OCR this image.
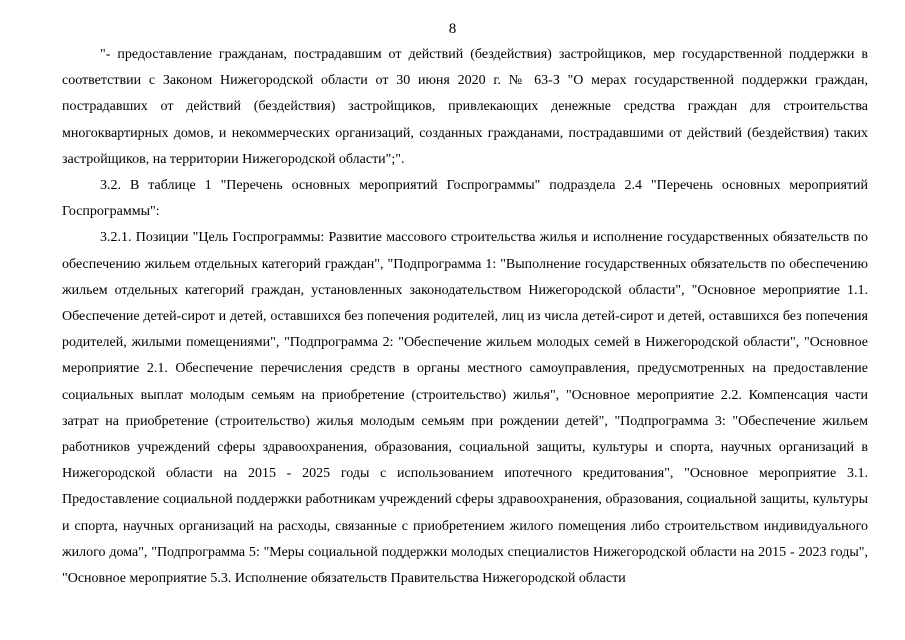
8

"- предоставление гражданам, пострадавшим от действий (бездействия) застройщиков, мер государственной поддержки в соответствии с Законом Нижегородской области от 30 июня 2020 г. № 63-З "О мерах государственной поддержки граждан, пострадавших от действий (бездействия) застройщиков, привлекающих денежные средства граждан для строительства многоквартирных домов, и некоммерческих организаций, созданных гражданами, пострадавшими от действий (бездействия) таких застройщиков, на территории Нижегородской области";".

3.2. В таблице 1 "Перечень основных мероприятий Госпрограммы" подраздела 2.4 "Перечень основных мероприятий Госпрограммы":

3.2.1. Позиции "Цель Госпрограммы: Развитие массового строительства жилья и исполнение государственных обязательств по обеспечению жильем отдельных категорий граждан", "Подпрограмма 1: "Выполнение государственных обязательств по обеспечению жильем отдельных категорий граждан, установленных законодательством Нижегородской области", "Основное мероприятие 1.1. Обеспечение детей-сирот и детей, оставшихся без попечения родителей, лиц из числа детей-сирот и детей, оставшихся без попечения родителей, жилыми помещениями", "Подпрограмма 2: "Обеспечение жильем молодых семей в Нижегородской области", "Основное мероприятие 2.1. Обеспечение перечисления средств в органы местного самоуправления, предусмотренных на предоставление социальных выплат молодым семьям на приобретение (строительство) жилья", "Основное мероприятие 2.2. Компенсация части затрат на приобретение (строительство) жилья молодым семьям при рождении детей", "Подпрограмма 3: "Обеспечение жильем работников учреждений сферы здравоохранения, образования, социальной защиты, культуры и спорта, научных организаций в Нижегородской области на 2015 - 2025 годы с использованием ипотечного кредитования", "Основное мероприятие 3.1. Предоставление социальной поддержки работникам учреждений сферы здравоохранения, образования, социальной защиты, культуры и спорта, научных организаций на расходы, связанные с приобретением жилого помещения либо строительством индивидуального жилого дома", "Подпрограмма 5: "Меры социальной поддержки молодых специалистов Нижегородской области на 2015 - 2023 годы", "Основное мероприятие 5.3. Исполнение обязательств Правительства Нижегородской области
